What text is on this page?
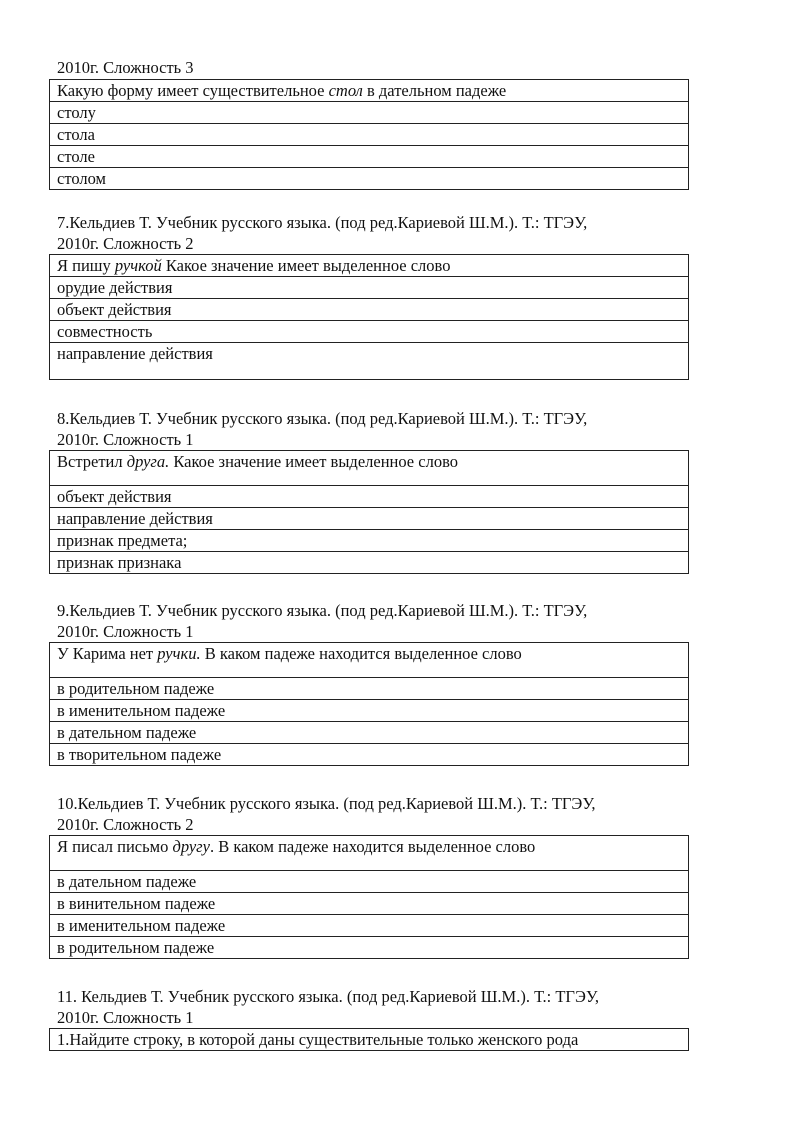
2010г. Сложность 3

Какую форму имеет существительное стол в дательном падеже
столу
стола
столе
столом

7.Кельдиев Т. Учебник русского языка. (под ред.Кариевой Ш.М.). Т.: ТГЭУ,
2010г. Сложность 2

Я пишу ручкой Какое значение имеет выделенное слово
орудие действия
объект действия
совместность
направление действия

8.Кельдиев Т. Учебник русского языка. (под ред.Кариевой Ш.М.). Т.: ТГЭУ,
2010г. Сложность 1

Встретил друга. Какое значение имеет выделенное слово
объект действия
направление действия
признак предмета;
признак признака

9.Кельдиев Т. Учебник русского языка. (под ред.Кариевой Ш.М.). Т.: ТГЭУ,
2010г. Сложность 1

У Карима нет ручки. В каком падеже находится выделенное слово
в родительном падеже
в именительном падеже
в дательном падеже
в творительном падеже

10.Кельдиев Т. Учебник русского языка. (под ред.Кариевой Ш.М.). Т.: ТГЭУ,
2010г. Сложность 2

Я писал письмо другу. В каком падеже находится выделенное слово
в дательном падеже
в винительном падеже
в именительном падеже
в родительном падеже

11. Кельдиев Т. Учебник русского языка. (под ред.Кариевой Ш.М.). Т.: ТГЭУ,
2010г. Сложность 1

1.Найдите строку, в которой даны существительные только женского рода
